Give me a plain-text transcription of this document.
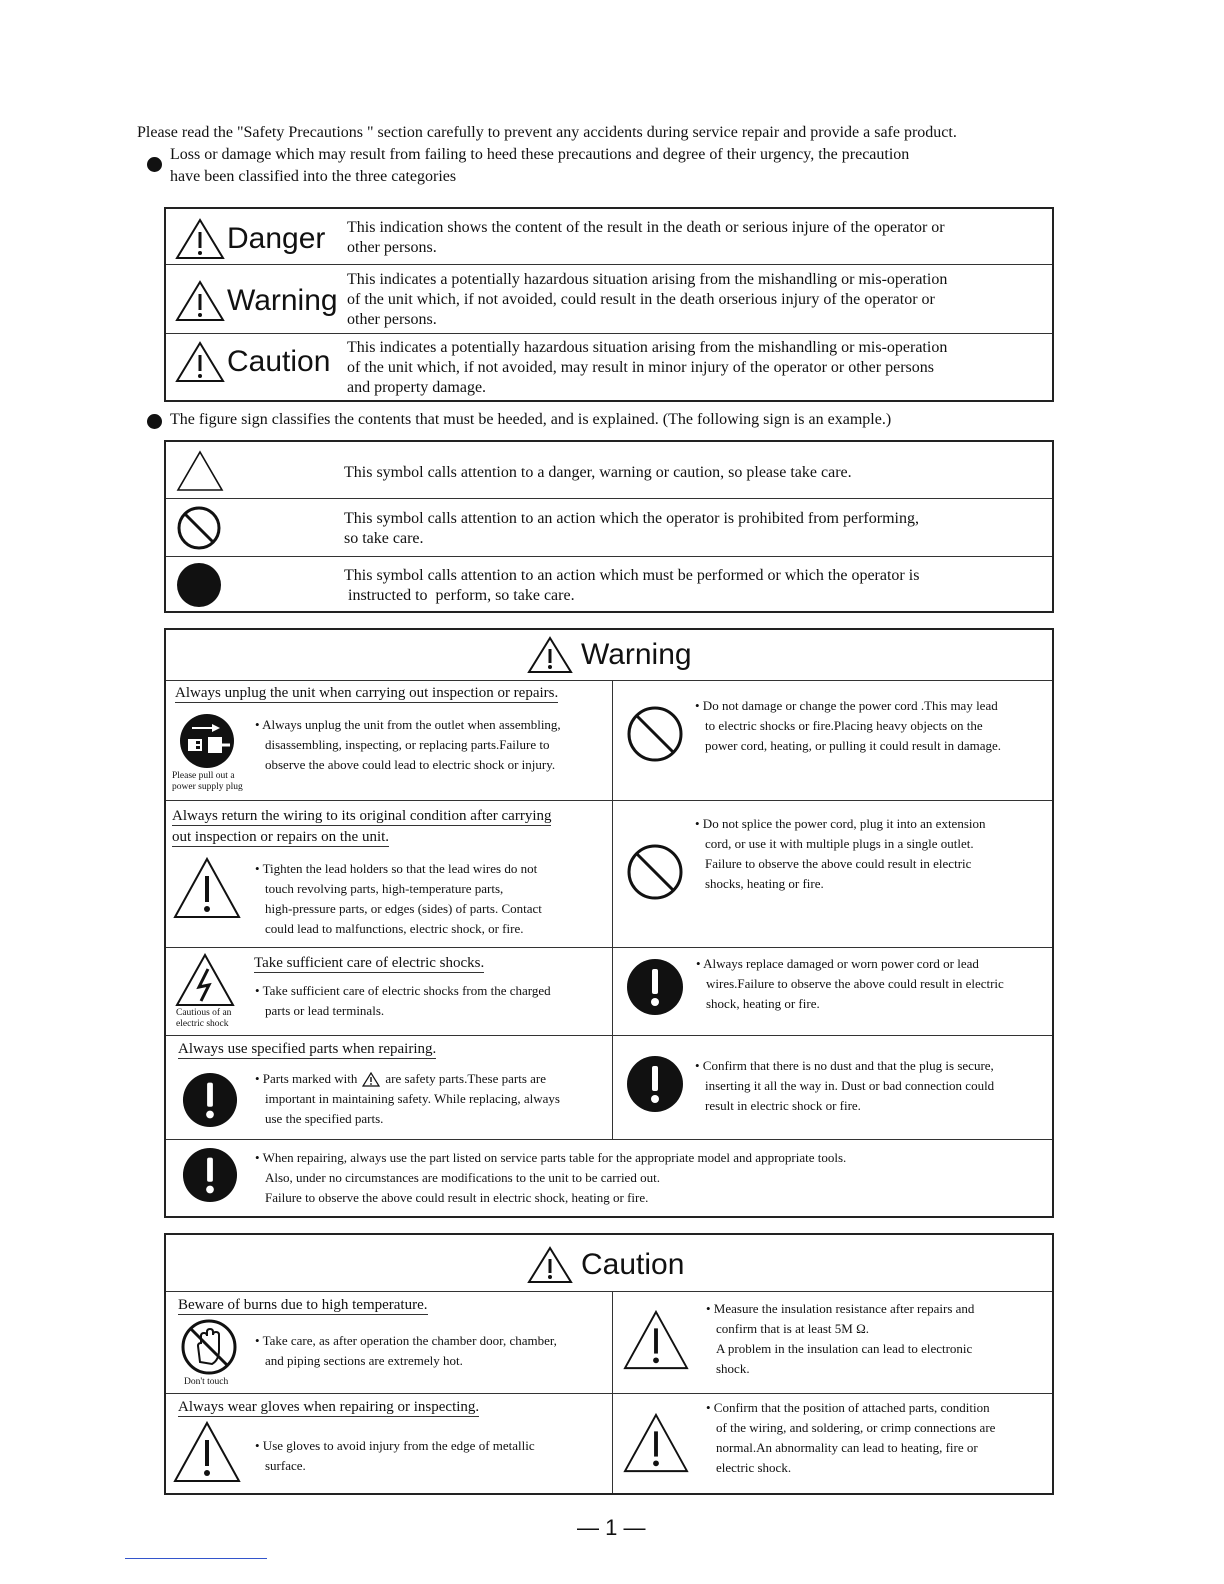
Please read the "Safety Precautions " section carefully to prevent any accidents during service repair and provide a safe product.
Loss or damage which may result from failing to heed these precautions and degree of their urgency, the precaution
have been classified into the three categories
Danger This indication shows the content of the result in the death or serious injure of the operator or
other persons.
Warning
This indicates a potentially hazardous situation arising from the mishandling or mis-operation
of the unit which, if not avoided, could result in the death orserious injury of the operator or
other persons.
Caution This indicates a potentially hazardous situation arising from the mishandling or mis-operation
of the unit which, if not avoided, may result in minor injury of the operator or other persons
and property damage.
The figure sign classifies the contents that must be heeded, and is explained. (The following sign is an example.)
This symbol calls attention to a danger, warning or caution, so please take care.
This symbol calls attention to an action which the operator is prohibited from performing,
so take care.
This symbol calls attention to an action which must be performed or which the operator is
instructed to  perform, so take care.
Warning
Always unplug the unit when carrying out inspection or repairs.
Please pull out a
power supply plug
• Always unplug the unit from the outlet when assembling,
disassembling, inspecting, or replacing parts.Failure to
observe the above could lead to electric shock or injury.
• Do not damage or change the power cord .This may lead
to electric shocks or fire.Placing heavy objects on the
power cord, heating, or pulling it could result in damage.
Always return the wiring to its original condition after carrying
out inspection or repairs on the unit.
• Tighten the lead holders so that the lead wires do not
touch revolving parts, high-temperature parts,
high-pressure parts, or edges (sides) of parts. Contact
could lead to malfunctions, electric shock, or fire.
• Do not splice the power cord, plug it into an extension
cord, or use it with multiple plugs in a single outlet.
Failure to observe the above could result in electric
shocks, heating or fire.
Cautious of an
electric shock
Take sufficient care of electric shocks.
• Take sufficient care of electric shocks from the charged
parts or lead terminals.
• Always replace damaged or worn power cord or lead
wires.Failure to observe the above could result in electric
shock, heating or fire.
Always use specified parts when repairing.
• Parts marked with are safety parts.These parts are
important in maintaining safety. While replacing, always
use the specified parts.
• Confirm that there is no dust and that the plug is secure,
inserting it all the way in. Dust or bad connection could
result in electric shock or fire.
• When repairing, always use the part listed on service parts table for the appropriate model and appropriate tools.
Also, under no circumstances are modifications to the unit to be carried out.
Failure to observe the above could result in electric shock, heating or fire.
Caution
Beware of burns due to high temperature.
Don't touch
• Take care, as after operation the chamber door, chamber,
and piping sections are extremely hot.
• Measure the insulation resistance after repairs and
confirm that is at least 5M Ω.
A problem in the insulation can lead to electronic
shock.
Always wear gloves when repairing or inspecting.
• Use gloves to avoid injury from the edge of metallic
surface.
• Confirm that the position of attached parts, condition
of the wiring, and soldering, or crimp connections are
normal.An abnormality can lead to heating, fire or
electric shock.
— 1 —
